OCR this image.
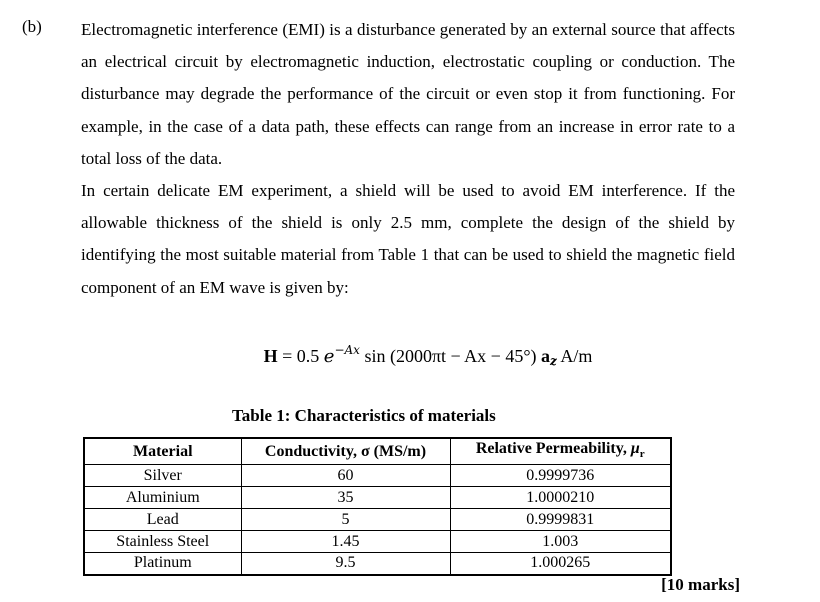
(b) Electromagnetic interference (EMI) is a disturbance generated by an external source that affects an electrical circuit by electromagnetic induction, electrostatic coupling or conduction. The disturbance may degrade the performance of the circuit or even stop it from functioning. For example, in the case of a data path, these effects can range from an increase in error rate to a total loss of the data.

In certain delicate EM experiment, a shield will be used to avoid EM interference. If the allowable thickness of the shield is only 2.5 mm, complete the design of the shield by identifying the most suitable material from Table 1 that can be used to shield the magnetic field component of an EM wave is given by:

H = 0.5 $e^{-Ax}$ sin (2000πt − Ax − 45°) $a_z$ A/m
Table 1: Characteristics of materials
Material	Conductivity, σ (MS/m)	Relative Permeability, $\mu_r$
Silver	60	0.9999736
Aluminium	35	1.0000210
Lead	5	0.9999831
Stainless Steel	1.45	1.003
Platinum	9.5	1.000265
[10 marks]
